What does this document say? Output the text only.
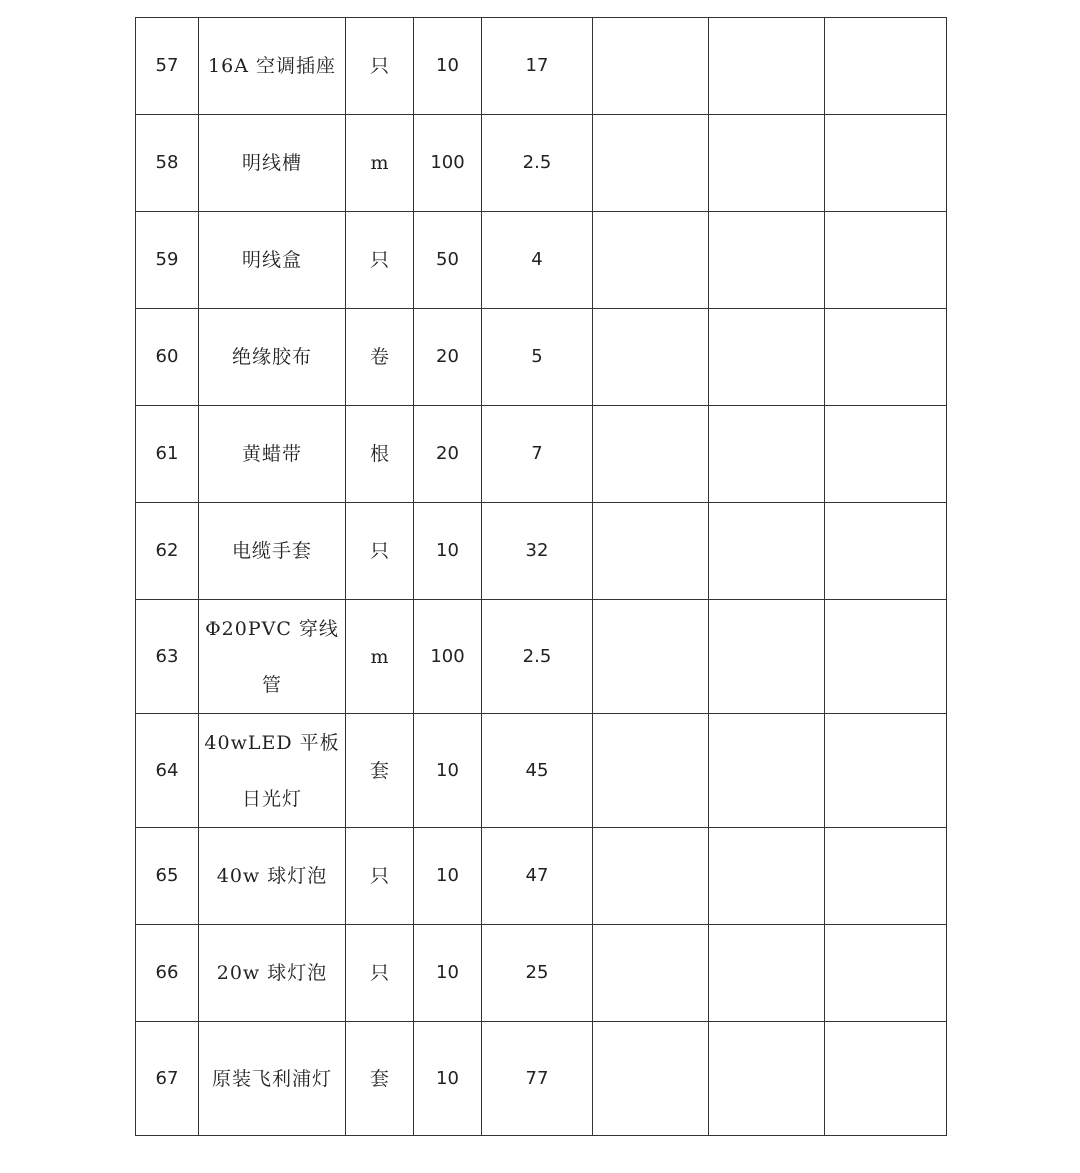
57	16A 空调插座	只	10	17			
58	明线槽	m	100	2.5			
59	明线盒	只	50	4			
60	绝缘胶布	卷	20	5			
61	黄蜡带	根	20	7			
62	电缆手套	只	10	32			
63	Φ20PVC 穿线管	m	100	2.5			
64	40wLED 平板日光灯	套	10	45			
65	40w 球灯泡	只	10	47			
66	20w 球灯泡	只	10	25			
67	原装飞利浦灯	套	10	77			
